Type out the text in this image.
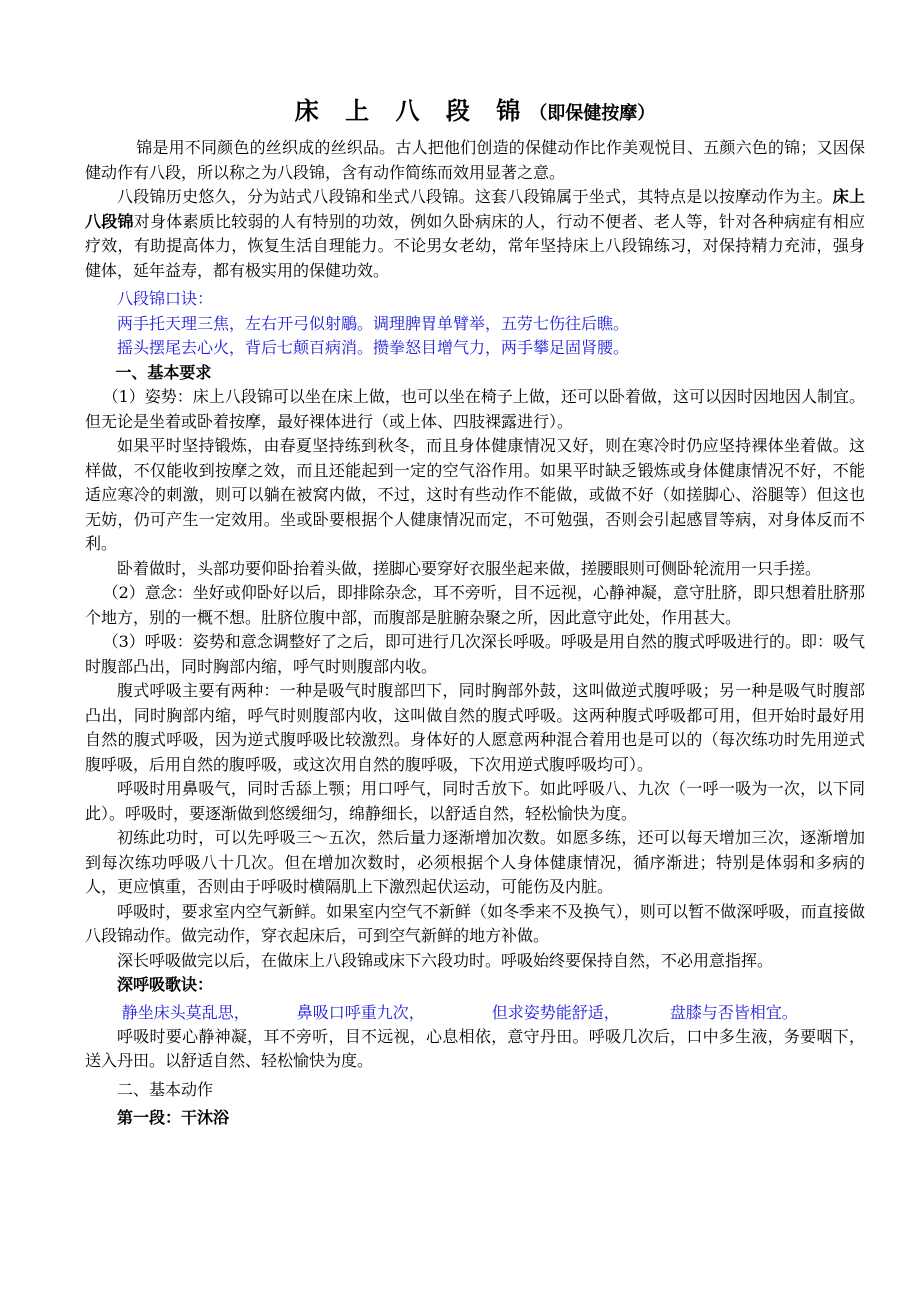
床 上 八 段 锦（即保健按摩）

锦是用不同颜色的丝织成的丝织品。古人把他们创造的保健动作比作美观悦目、五颜六色的锦；又因保健动作有八段，所以称之为八段锦，含有动作简练而效用显著之意。

八段锦历史悠久，分为站式八段锦和坐式八段锦。这套八段锦属于坐式，其特点是以按摩动作为主。床上八段锦对身体素质比较弱的人有特别的功效，例如久卧病床的人，行动不便者、老人等，针对各种病症有相应疗效，有助提高体力，恢复生活自理能力。不论男女老幼，常年坚持床上八段锦练习，对保持精力充沛，强身健体，延年益寿，都有极实用的保健功效。

八段锦口诀：

两手托天理三焦，左右开弓似射鵰。调理脾胃单臂举，五劳七伤往后瞧。

摇头摆尾去心火，背后七颠百病消。攒拳怒目增气力，两手攀足固肾腰。

一、基本要求

（1）姿势：床上八段锦可以坐在床上做，也可以坐在椅子上做，还可以卧着做，这可以因时因地因人制宜。但无论是坐着或卧着按摩，最好裸体进行（或上体、四肢裸露进行）。

如果平时坚持锻炼，由春夏坚持练到秋冬，而且身体健康情况又好，则在寒冷时仍应坚持裸体坐着做。这样做，不仅能收到按摩之效，而且还能起到一定的空气浴作用。如果平时缺乏锻炼或身体健康情况不好，不能适应寒冷的刺激，则可以躺在被窝内做，不过，这时有些动作不能做，或做不好（如搓脚心、浴腿等）但这也无妨，仍可产生一定效用。坐或卧要根据个人健康情况而定，不可勉强，否则会引起感冒等病，对身体反而不利。

卧着做时，头部功要仰卧抬着头做，搓脚心要穿好衣服坐起来做，搓腰眼则可侧卧轮流用一只手搓。

（2）意念：坐好或仰卧好以后，即排除杂念，耳不旁听，目不远视，心静神凝，意守肚脐，即只想着肚脐那个地方，别的一概不想。肚脐位腹中部，而腹部是脏腑杂聚之所，因此意守此处，作用甚大。

（3）呼吸：姿势和意念调整好了之后，即可进行几次深长呼吸。呼吸是用自然的腹式呼吸进行的。即：吸气时腹部凸出，同时胸部内缩，呼气时则腹部内收。

腹式呼吸主要有两种：一种是吸气时腹部凹下，同时胸部外鼓，这叫做逆式腹呼吸；另一种是吸气时腹部凸出，同时胸部内缩，呼气时则腹部内收，这叫做自然的腹式呼吸。这两种腹式呼吸都可用，但开始时最好用自然的腹式呼吸，因为逆式腹呼吸比较激烈。身体好的人愿意两种混合着用也是可以的（每次练功时先用逆式腹呼吸，后用自然的腹呼吸，或这次用自然的腹呼吸，下次用逆式腹呼吸均可）。

呼吸时用鼻吸气，同时舌舔上颚；用口呼气，同时舌放下。如此呼吸八、九次（一呼一吸为一次，以下同此）。呼吸时，要逐渐做到悠缓细匀，绵静细长，以舒适自然，轻松愉快为度。

初练此功时，可以先呼吸三～五次，然后量力逐渐增加次数。如愿多练，还可以每天增加三次，逐渐增加到每次练功呼吸八十几次。但在增加次数时，必须根据个人身体健康情况，循序渐进；特别是体弱和多病的人，更应慎重，否则由于呼吸时横隔肌上下激烈起伏运动，可能伤及内脏。

呼吸时，要求室内空气新鲜。如果室内空气不新鲜（如冬季来不及换气），则可以暂不做深呼吸，而直接做八段锦动作。做完动作，穿衣起床后，可到空气新鲜的地方补做。

深长呼吸做完以后，在做床上八段锦或床下六段功时。呼吸始终要保持自然，不必用意指挥。

深呼吸歌诀：

静坐床头莫乱思，	鼻吸口呼重九次，	但求姿势能舒适，	盘膝与否皆相宜。

呼吸时要心静神凝，耳不旁听，目不远视，心息相依，意守丹田。呼吸几次后，口中多生液，务要咽下，送入丹田。以舒适自然、轻松愉快为度。

二、基本动作

第一段：干沐浴
